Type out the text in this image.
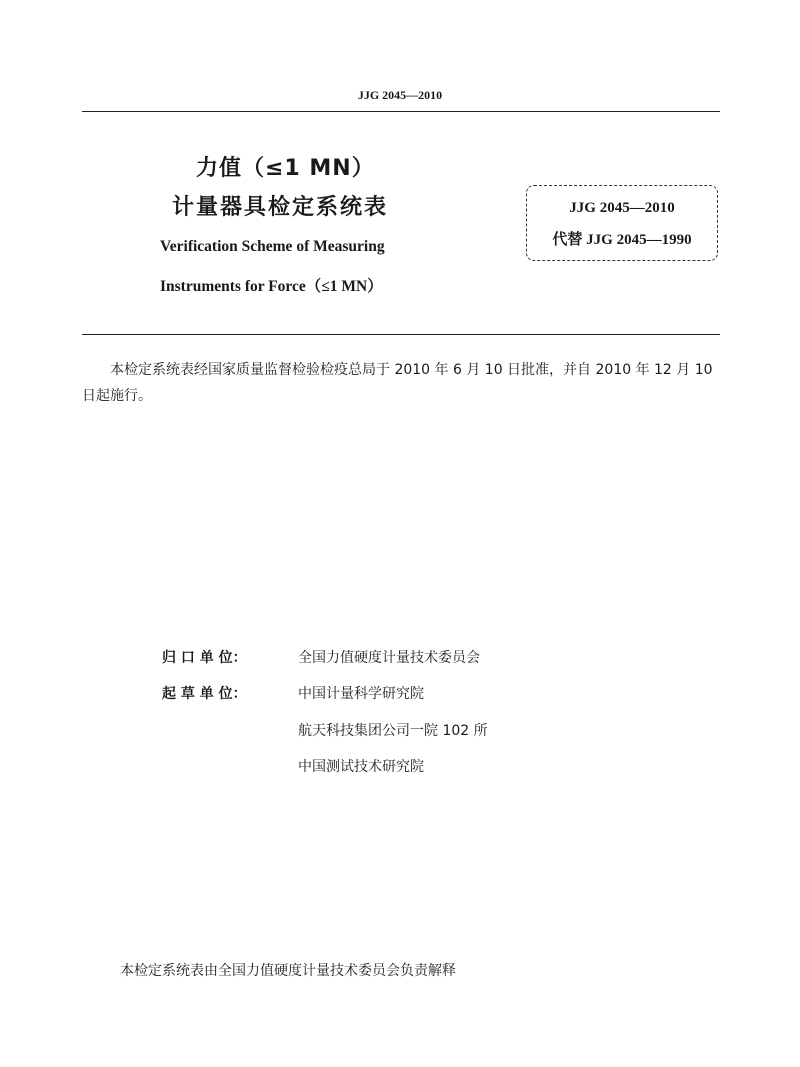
JJG 2045—2010
力值（≤1 MN）
计量器具检定系统表
Verification Scheme of Measuring
Instruments for Force（≤1 MN）
JJG 2045—2010
代替 JJG 2045—1990
本检定系统表经国家质量监督检验检疫总局于 2010 年 6 月 10 日批准，并自 2010 年 12 月 10 日起施行。
归 口 单 位：	全国力值硬度计量技术委员会
起 草 单 位：	中国计量科学研究院
航天科技集团公司一院 102 所
中国测试技术研究院
本检定系统表由全国力值硬度计量技术委员会负责解释
